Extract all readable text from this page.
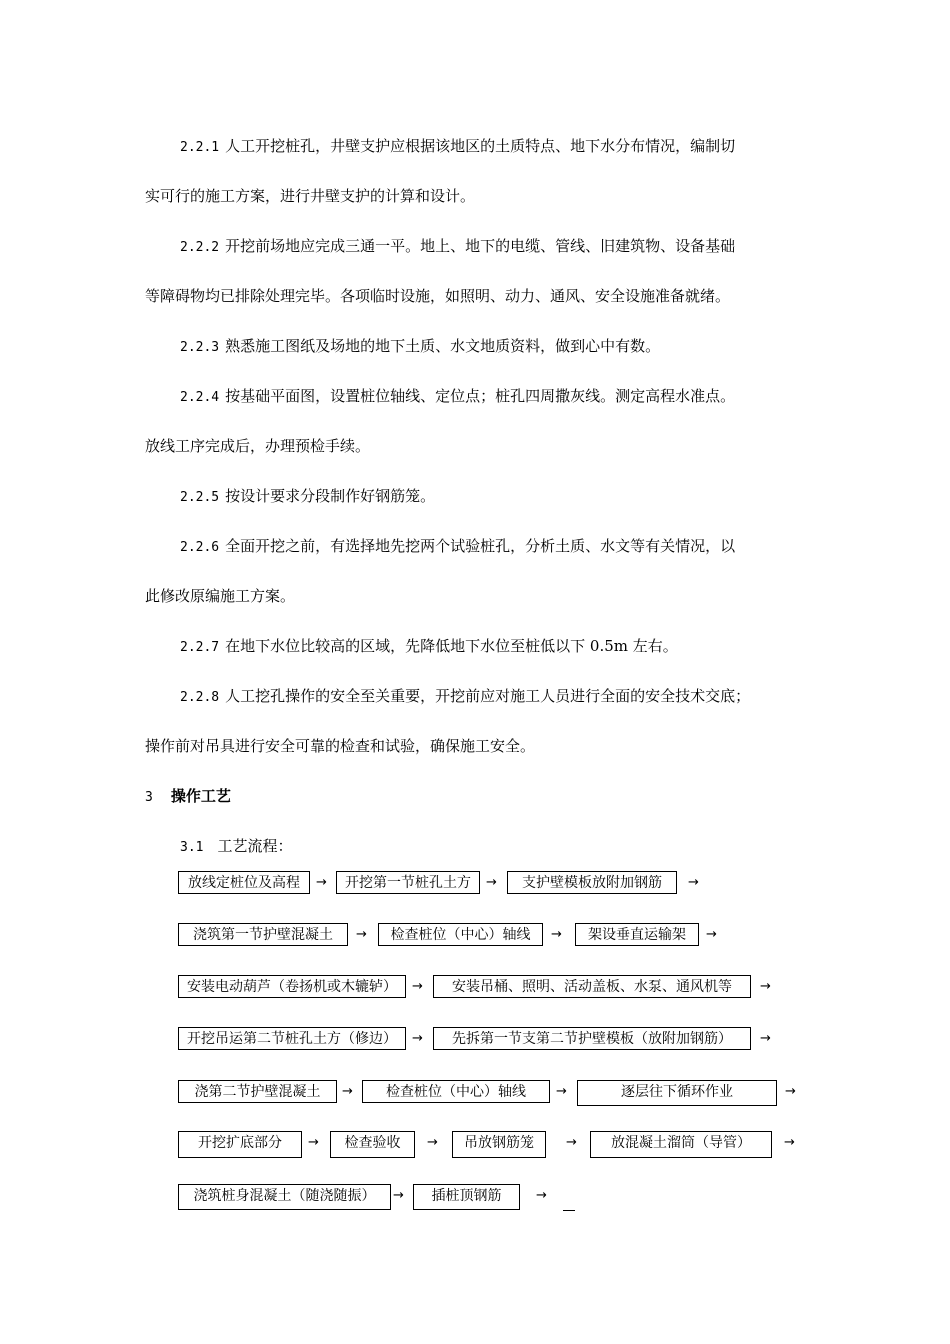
2.2.1 人工开挖桩孔，井壁支护应根据该地区的土质特点、地下水分布情况，编制切
实可行的施工方案，进行井壁支护的计算和设计。
2.2.2 开挖前场地应完成三通一平。地上、地下的电缆、管线、旧建筑物、设备基础
等障碍物均已排除处理完毕。各项临时设施，如照明、动力、通风、安全设施准备就绪。
2.2.3 熟悉施工图纸及场地的地下土质、水文地质资料，做到心中有数。
2.2.4 按基础平面图，设置桩位轴线、定位点；桩孔四周撒灰线。测定高程水准点。
放线工序完成后，办理预检手续。
2.2.5 按设计要求分段制作好钢筋笼。
2.2.6 全面开挖之前，有选择地先挖两个试验桩孔，分析土质、水文等有关情况，以
此修改原编施工方案。
2.2.7 在地下水位比较高的区域，先降低地下水位至桩低以下 0.5m 左右。
2.2.8 人工挖孔操作的安全至关重要，开挖前应对施工人员进行全面的安全技术交底；
操作前对吊具进行安全可靠的检查和试验，确保施工安全。
3 操作工艺
3.1 工艺流程：
放线定桩位及高程	→	开挖第一节桩孔土方	→	支护壁模板放附加钢筋	→
浇筑第一节护壁混凝土	→	检查桩位（中心）轴线	→	架设垂直运输架	→
安装电动葫芦（卷扬机或木辘轳）	→	安装吊桶、照明、活动盖板、水泵、通风机等	→
开挖吊运第二节桩孔土方（修边）	→	先拆第一节支第二节护壁模板（放附加钢筋）	→
浇第二节护壁混凝土	→	检查桩位（中心）轴线	→	逐层往下循环作业	→
开挖扩底部分	→	检查验收	→	吊放钢筋笼	→	放混凝土溜筒（导管）	→
浇筑桩身混凝土（随浇随振）	→	插桩顶钢筋	→
